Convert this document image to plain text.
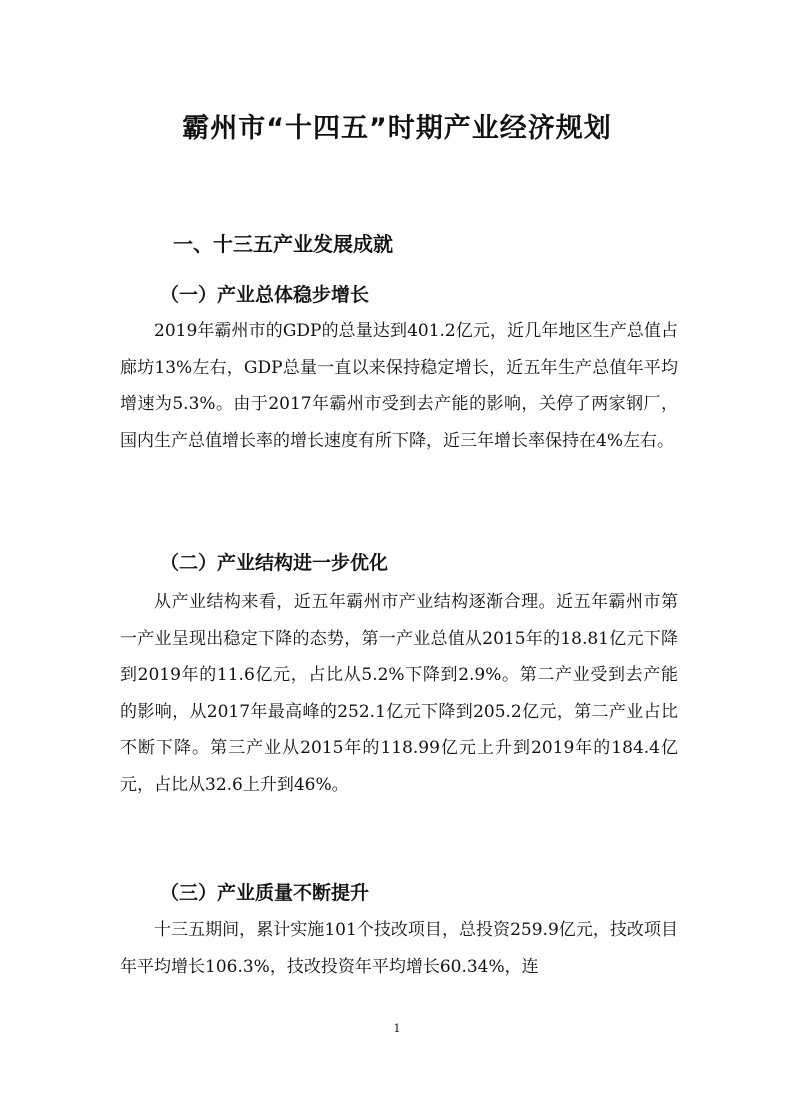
霸州市“十四五”时期产业经济规划
一、十三五产业发展成就
（一）产业总体稳步增长

2019年霸州市的GDP的总量达到401.2亿元，近几年地区生产总值占廊坊13%左右，GDP总量一直以来保持稳定增长，近五年生产总值年平均增速为5.3%。由于2017年霸州市受到去产能的影响，关停了两家钢厂，国内生产总值增长率的增长速度有所下降，近三年增长率保持在4%左右。

（二）产业结构进一步优化

从产业结构来看，近五年霸州市产业结构逐渐合理。近五年霸州市第一产业呈现出稳定下降的态势，第一产业总值从2015年的18.81亿元下降到2019年的11.6亿元，占比从5.2%下降到2.9%。第二产业受到去产能的影响，从2017年最高峰的252.1亿元下降到205.2亿元，第二产业占比不断下降。第三产业从2015年的118.99亿元上升到2019年的184.4亿元，占比从32.6上升到46%。

（三）产业质量不断提升

十三五期间，累计实施101个技改项目，总投资259.9亿元，技改项目年平均增长106.3%，技改投资年平均增长60.34%，连

1
